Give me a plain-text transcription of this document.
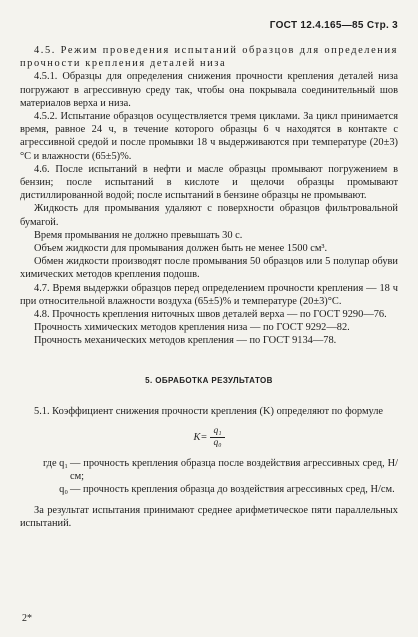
ГОСТ 12.4.165—85 Стр. 3

4.5. Режим проведения испытаний образцов для определения прочности крепления деталей низа

4.5.1. Образцы для определения снижения прочности крепления деталей низа погружают в агрессивную среду так, чтобы она покрывала соединительный шов материалов верха и низа.

4.5.2. Испытание образцов осуществляется тремя циклами. За цикл принимается время, равное 24 ч, в течение которого образцы 6 ч находятся в контакте с агрессивной средой и после промывки 18 ч выдерживаются при температуре (20±3)°С и влажности (65±5)%.

4.6. После испытаний в нефти и масле образцы промывают погружением в бензин; после испытаний в кислоте и щелочи образцы промывают дистиллированной водой; после испытаний в бензине образцы не промывают.

Жидкость для промывания удаляют с поверхности образцов фильтровальной бумагой.

Время промывания не должно превышать 30 с.

Объем жидкости для промывания должен быть не менее 1500 см³.

Обмен жидкости производят после промывания 50 образцов или 5 полупар обуви химических методов крепления подошв.

4.7. Время выдержки образцов перед определением прочности крепления — 18 ч при относительной влажности воздуха (65±5)% и температуре (20±3)°С.

4.8. Прочность крепления ниточных швов деталей верха — по ГОСТ 9290—76.

Прочность химических методов крепления низа — по ГОСТ 9292—82.

Прочность механических методов крепления — по ГОСТ 9134—78.

5. ОБРАБОТКА РЕЗУЛЬТАТОВ

5.1. Коэффициент снижения прочности крепления (K) определяют по формуле

$K= \frac{\text{q₁}}{\text{q₀}}$
где q₁ — прочность крепления образца после воздействия агрессивных сред, Н/см;
q₀ — прочность крепления образца до воздействия агрессивных сред, Н/см.

За результат испытания принимают среднее арифметическое пяти параллельных испытаний.

2*
